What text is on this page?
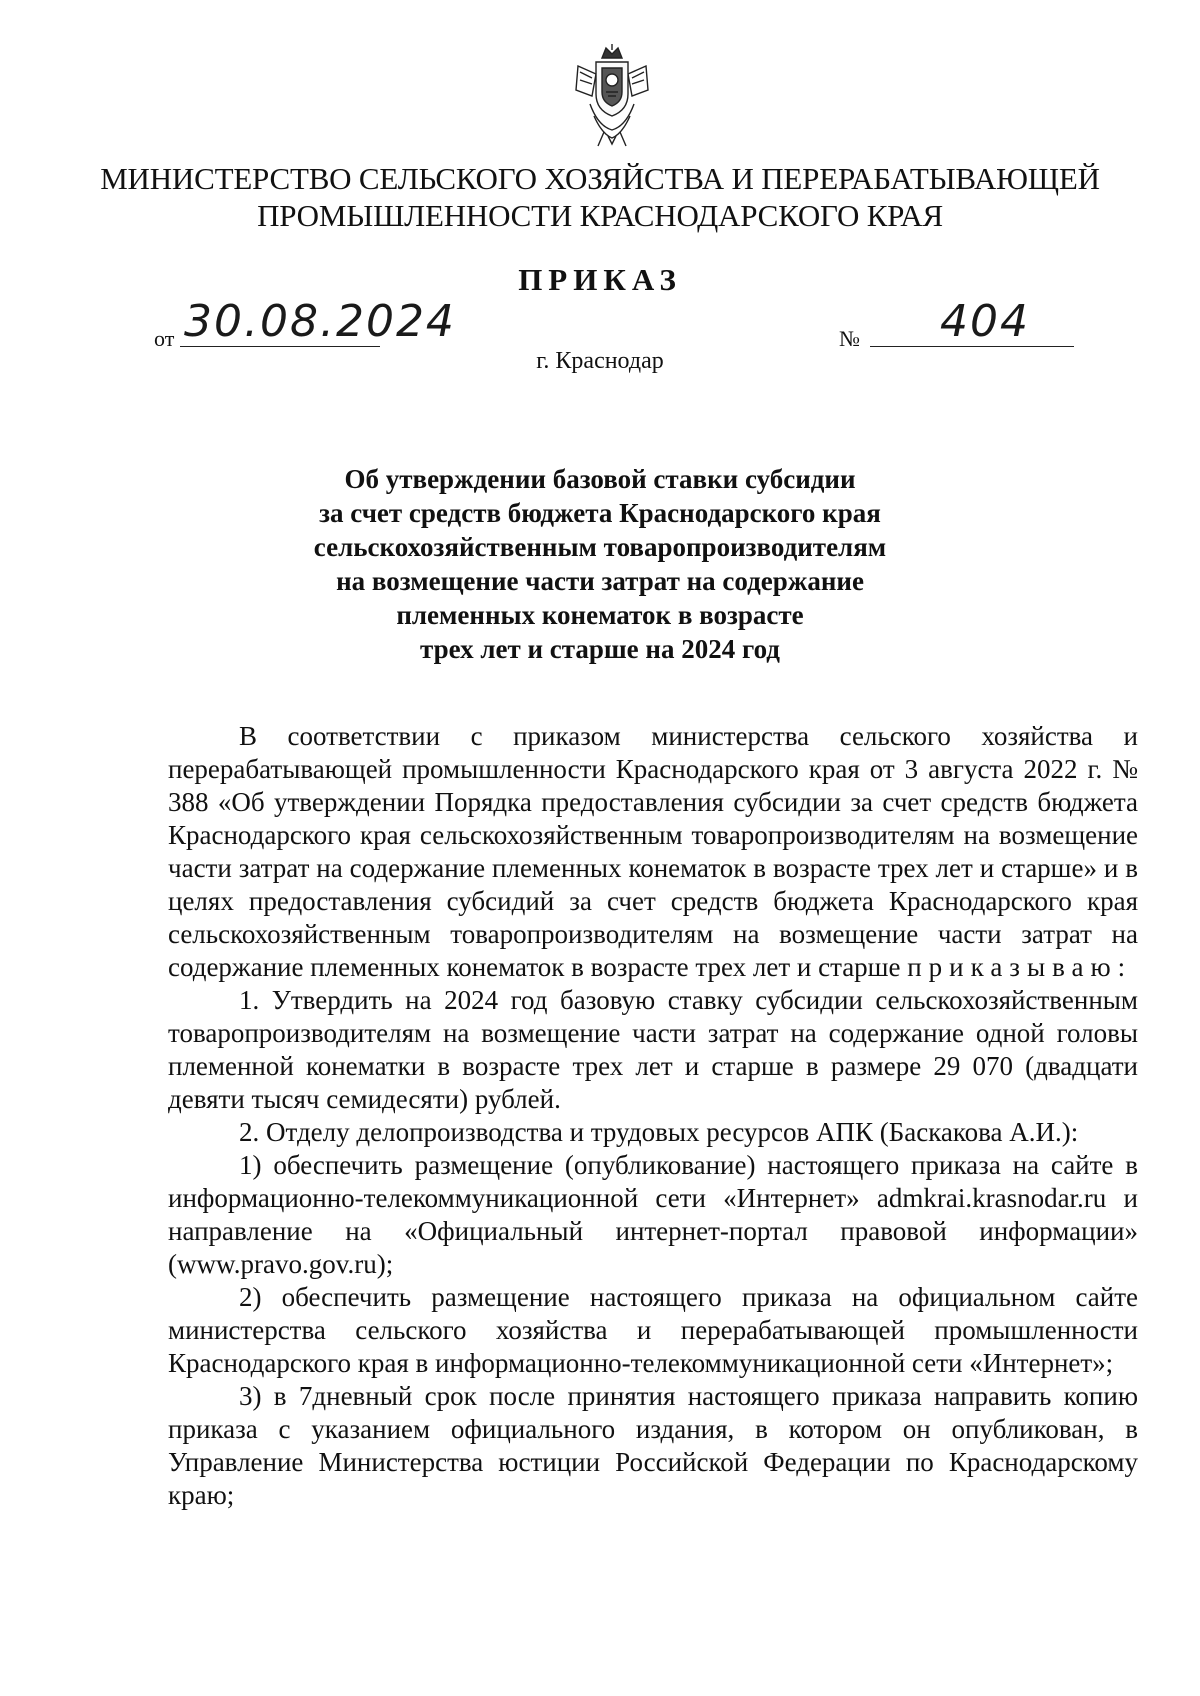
МИНИСТЕРСТВО СЕЛЬСКОГО ХОЗЯЙСТВА И ПЕРЕРАБАТЫВАЮЩЕЙ
ПРОМЫШЛЕННОСТИ КРАСНОДАРСКОГО КРАЯ
ПРИКАЗ
от 30.08.2024	№ 404
г. Краснодар
Об утверждении базовой ставки субсидии
за счет средств бюджета Краснодарского края
сельскохозяйственным товаропроизводителям
на возмещение части затрат на содержание
племенных конематок в возрасте
трех лет и старше на 2024 год

В соответствии с приказом министерства сельского хозяйства и перерабатывающей промышленности Краснодарского края от 3 августа 2022 г. № 388 «Об утверждении Порядка предоставления субсидии за счет средств бюджета Краснодарского края сельскохозяйственным товаропроизводителям на возмещение части затрат на содержание племенных конематок в возрасте трех лет и старше» и в целях предоставления субсидий за счет средств бюджета Краснодарского края сельскохозяйственным товаропроизводителям на возмещение части затрат на содержание племенных конематок в возрасте трех лет и старше приказываю:

1. Утвердить на 2024 год базовую ставку субсидии сельскохозяйственным товаропроизводителям на возмещение части затрат на содержание одной головы племенной конематки в возрасте трех лет и старше в размере 29 070 (двадцати девяти тысяч семидесяти) рублей.

2. Отделу делопроизводства и трудовых ресурсов АПК (Баскакова А.И.):

1) обеспечить размещение (опубликование) настоящего приказа на сайте в информационно-телекоммуникационной сети «Интернет» admkrai.krasnodar.ru и направление на «Официальный интернет-портал правовой информации» (www.pravo.gov.ru);

2) обеспечить размещение настоящего приказа на официальном сайте министерства сельского хозяйства и перерабатывающей промышленности Краснодарского края в информационно-телекоммуникационной сети «Интернет»;

3) в 7дневный срок после принятия настоящего приказа направить копию приказа с указанием официального издания, в котором он опубликован, в Управление Министерства юстиции Российской Федерации по Краснодарскому краю;
